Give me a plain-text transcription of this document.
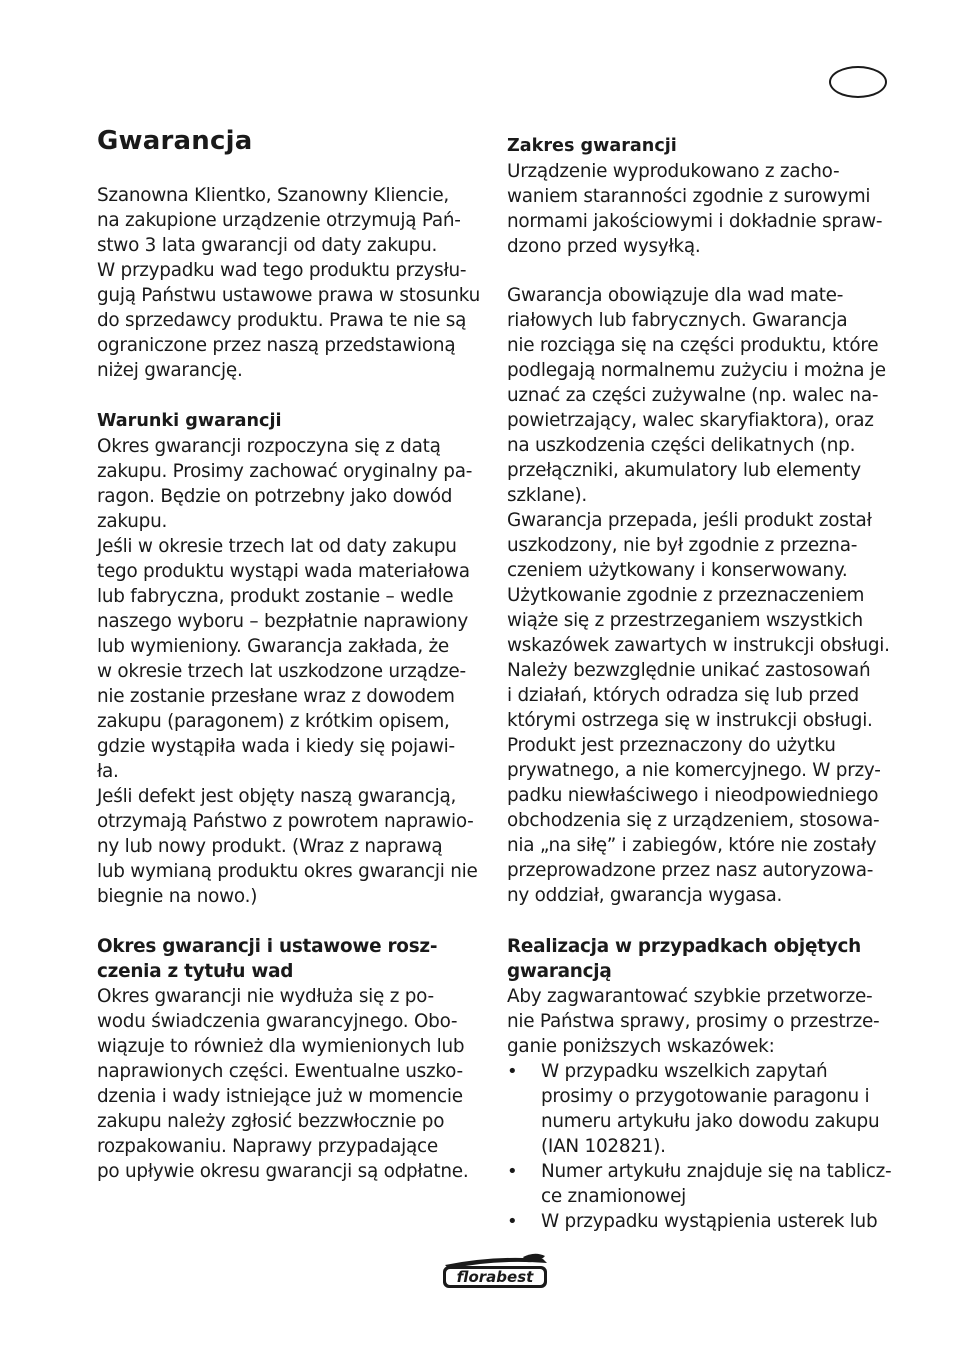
Gwarancja
Szanowna Klientko, Szanowny Kliencie,
na zakupione urządzenie otrzymują Pań-
stwo 3 lata gwarancji od daty zakupu.
W przypadku wad tego produktu przysłu-
gują Państwu ustawowe prawa w stosunku
do sprzedawcy produktu. Prawa te nie są
ograniczone przez naszą przedstawioną
niżej gwarancję.
Warunki gwarancji
Okres gwarancji rozpoczyna się z datą
zakupu. Prosimy zachować oryginalny pa-
ragon. Będzie on potrzebny jako dowód
zakupu.
Jeśli w okresie trzech lat od daty zakupu
tego produktu wystąpi wada materiałowa
lub fabryczna, produkt zostanie – wedle
naszego wyboru – bezpłatnie naprawiony
lub wymieniony. Gwarancja zakłada, że
w okresie trzech lat uszkodzone urządze-
nie zostanie przesłane wraz z dowodem
zakupu (paragonem) z krótkim opisem,
gdzie wystąpiła wada i kiedy się pojawi-
ła.
Jeśli defekt jest objęty naszą gwarancją,
otrzymają Państwo z powrotem naprawio-
ny lub nowy produkt. (Wraz z naprawą
lub wymianą produktu okres gwarancji nie
biegnie na nowo.)
Okres gwarancji i ustawowe rosz-
czenia z tytułu wad
Okres gwarancji nie wydłuża się z po-
wodu świadczenia gwarancyjnego. Obo-
wiązuje to również dla wymienionych lub
naprawionych części. Ewentualne uszko-
dzenia i wady istniejące już w momencie
zakupu należy zgłosić bezzwłocznie po
rozpakowaniu. Naprawy przypadające
po upływie okresu gwarancji są odpłatne.
Zakres gwarancji
Urządzenie wyprodukowano z zacho-
waniem staranności zgodnie z surowymi
normami jakościowymi i dokładnie spraw-
dzono przed wysyłką.
Gwarancja obowiązuje dla wad mate-
riałowych lub fabrycznych. Gwarancja
nie rozciąga się na części produktu, które
podlegają normalnemu zużyciu i można je
uznać za części zużywalne (np. walec na-
powietrzający, walec skaryfiaktora), oraz
na uszkodzenia części delikatnych (np.
przełączniki, akumulatory lub elementy
szklane).
Gwarancja przepada, jeśli produkt został
uszkodzony, nie był zgodnie z przezna-
czeniem użytkowany i konserwowany.
Użytkowanie zgodnie z przeznaczeniem
wiąże się z przestrzeganiem wszystkich
wskazówek zawartych w instrukcji obsługi.
Należy bezwzględnie unikać zastosowań
i działań, których odradza się lub przed
którymi ostrzega się w instrukcji obsługi.
Produkt jest przeznaczony do użytku
prywatnego, a nie komercyjnego. W przy-
padku niewłaściwego i nieodpowiedniego
obchodzenia się z urządzeniem, stosowa-
nia „na siłę” i zabiegów, które nie zostały
przeprowadzone przez nasz autoryzowa-
ny oddział, gwarancja wygasa.
Realizacja w przypadkach objętych
gwarancją
Aby zagwarantować szybkie przetworze-
nie Państwa sprawy, prosimy o przestrze-
ganie poniższych wskazówek:
• W przypadku wszelkich zapytań
prosimy o przygotowanie paragonu i
numeru artykułu jako dowodu zakupu
(IAN 102821).
• Numer artykułu znajduje się na tablicz-
ce znamionowej
• W przypadku wystąpienia usterek lub
florabest
